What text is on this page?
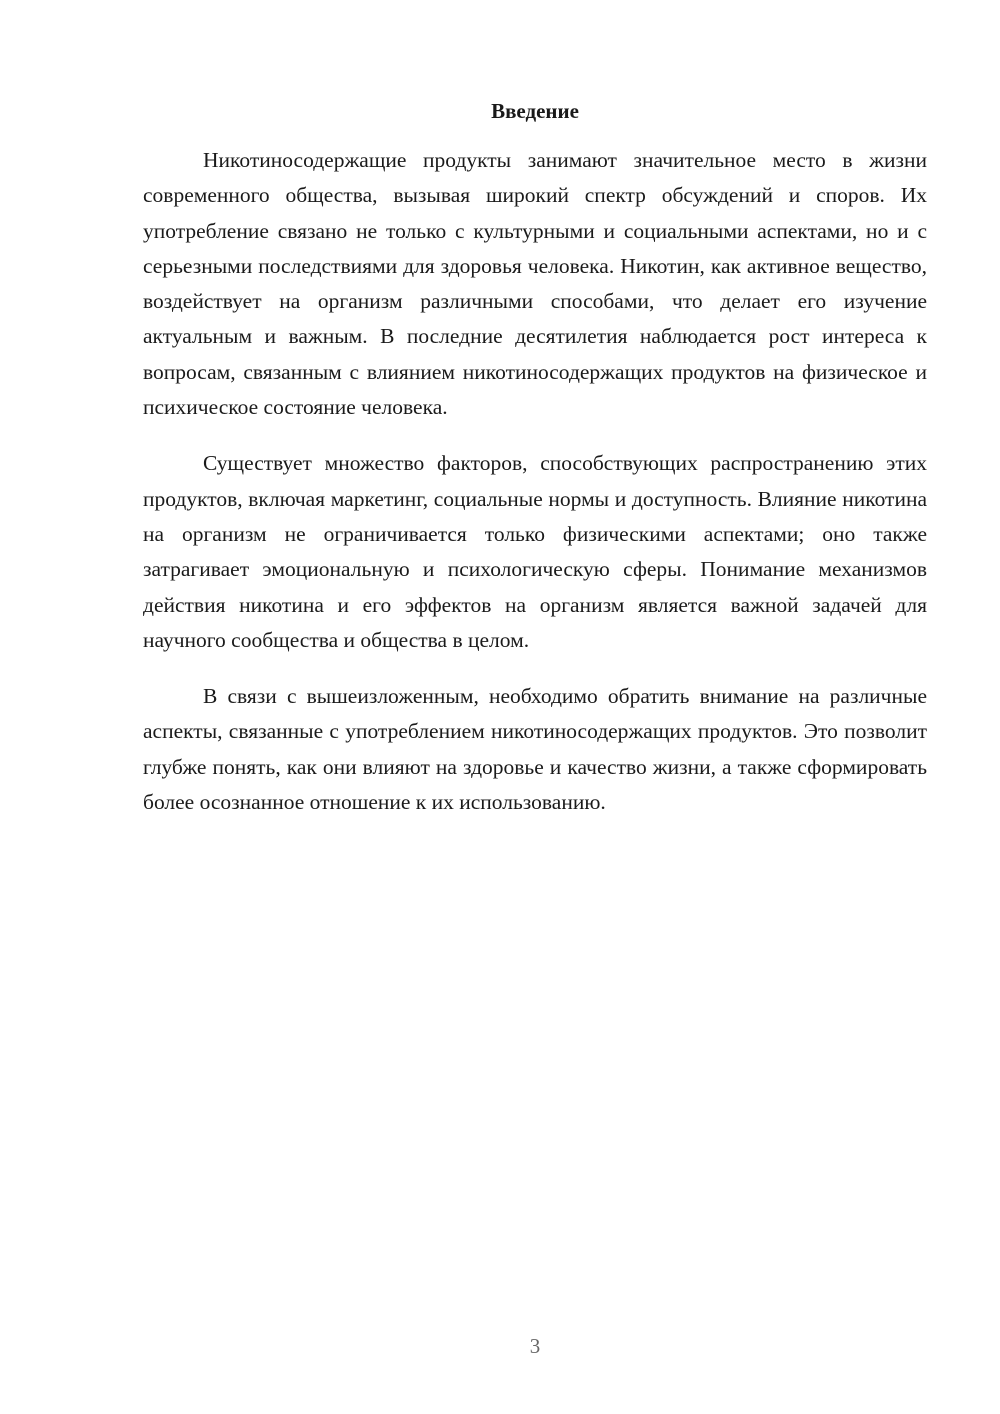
Введение

Никотиносодержащие продукты занимают значительное место в жизни современного общества, вызывая широкий спектр обсуждений и споров. Их употребление связано не только с культурными и социальными аспектами, но и с серьезными последствиями для здоровья человека. Никотин, как активное вещество, воздействует на организм различными способами, что делает его изучение актуальным и важным. В последние десятилетия наблюдается рост интереса к вопросам, связанным с влиянием никотиносодержащих продуктов на физическое и психическое состояние человека.

Существует множество факторов, способствующих распространению этих продуктов, включая маркетинг, социальные нормы и доступность. Влияние никотина на организм не ограничивается только физическими аспектами; оно также затрагивает эмоциональную и психологическую сферы. Понимание механизмов действия никотина и его эффектов на организм является важной задачей для научного сообщества и общества в целом.

В связи с вышеизложенным, необходимо обратить внимание на различные аспекты, связанные с употреблением никотиносодержащих продуктов. Это позволит глубже понять, как они влияют на здоровье и качество жизни, а также сформировать более осознанное отношение к их использованию.

3
